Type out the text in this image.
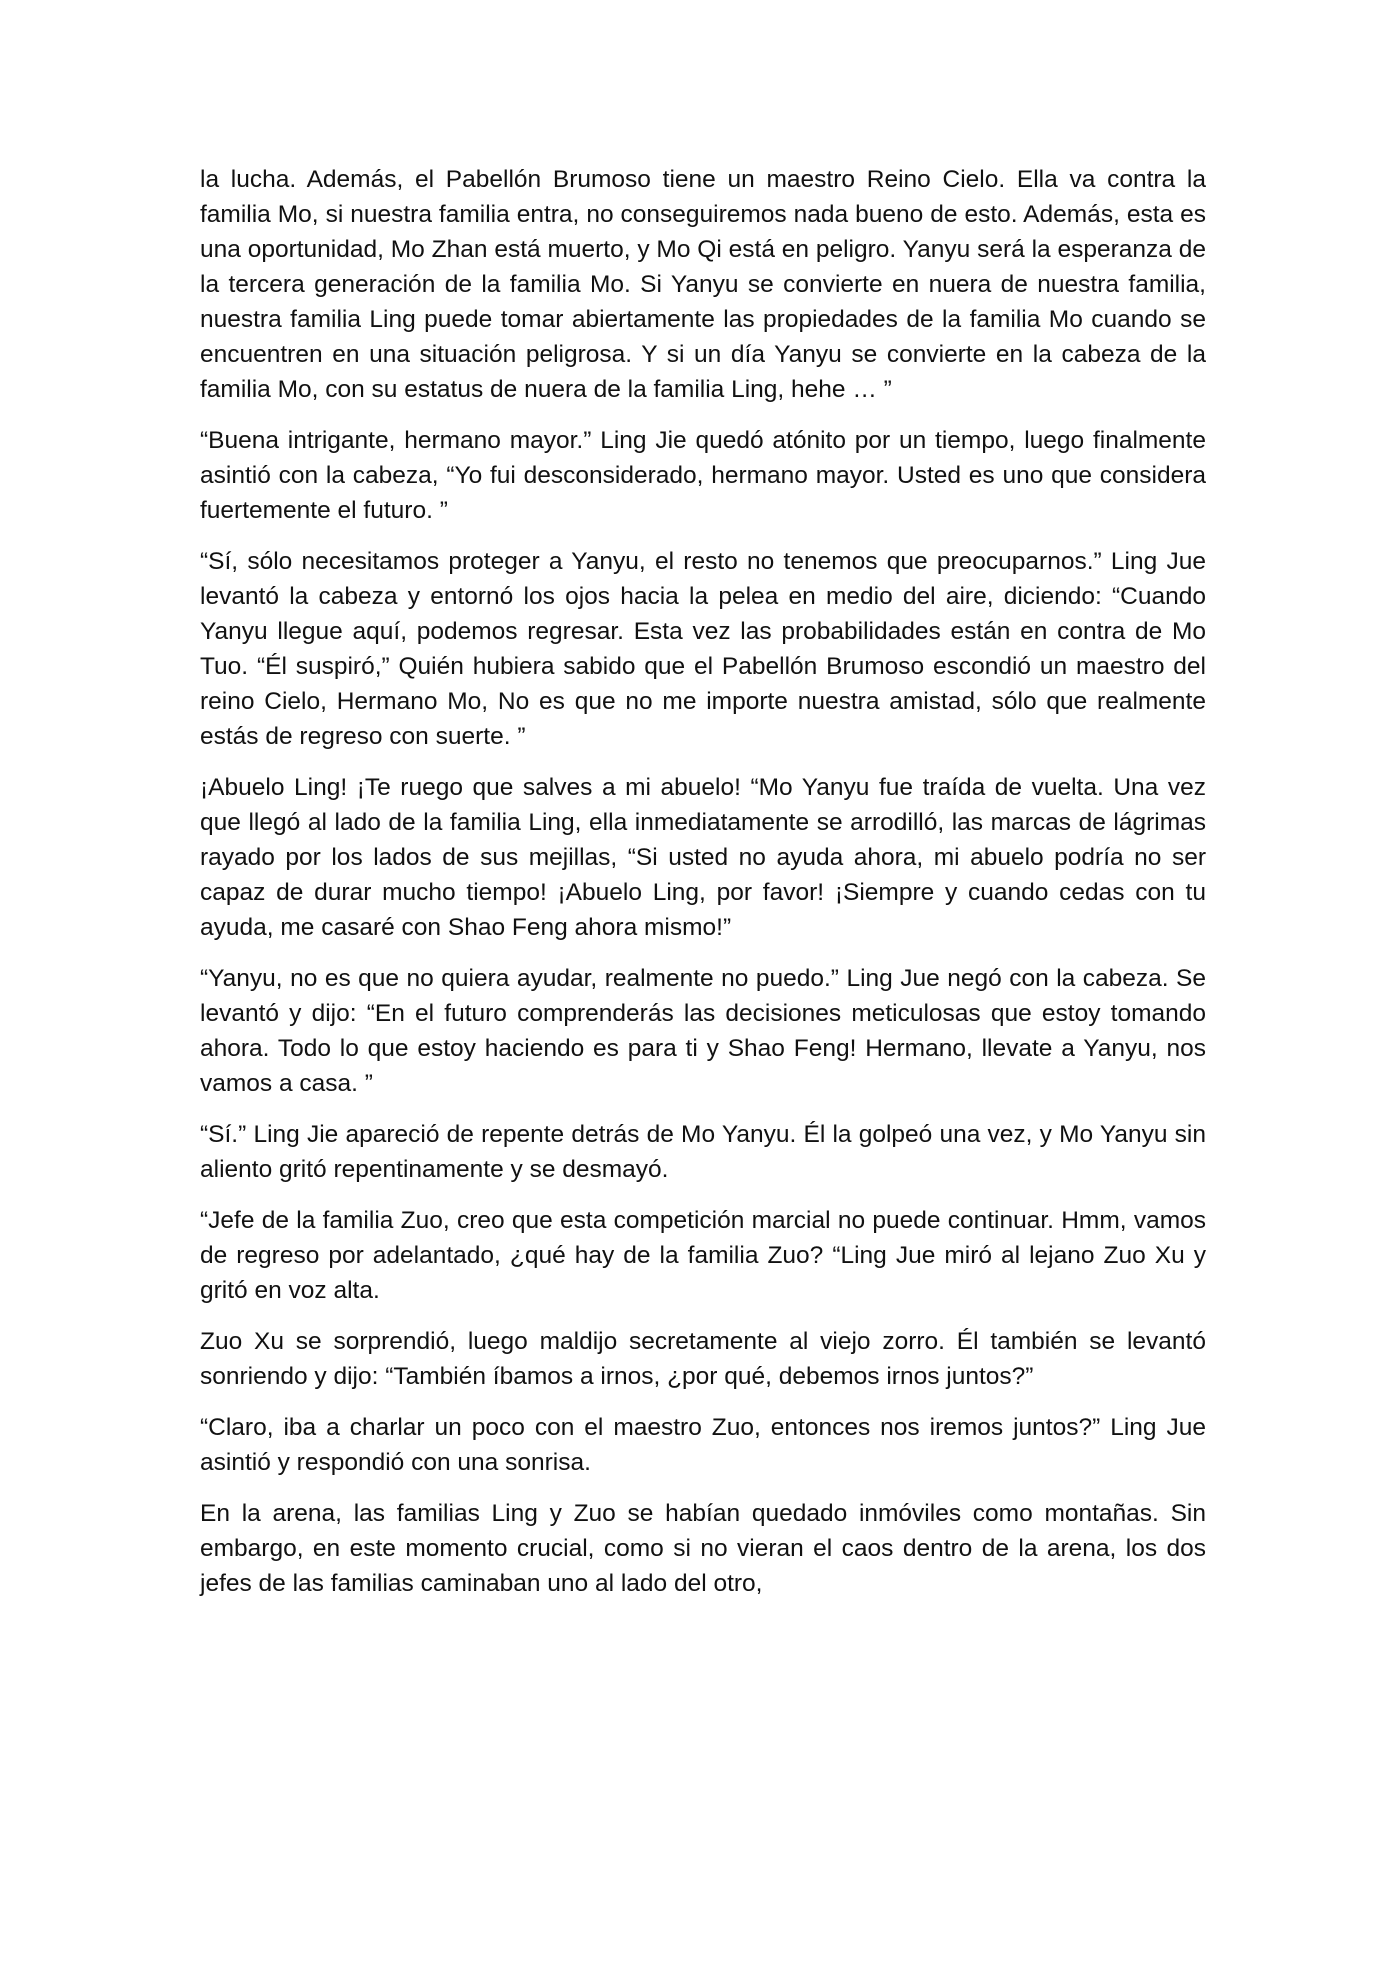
la lucha. Además, el Pabellón Brumoso tiene un maestro Reino Cielo. Ella va contra la familia Mo, si nuestra familia entra, no conseguiremos nada bueno de esto. Además, esta es una oportunidad, Mo Zhan está muerto, y Mo Qi está en peligro. Yanyu será la esperanza de la tercera generación de la familia Mo. Si Yanyu se convierte en nuera de nuestra familia, nuestra familia Ling puede tomar abiertamente las propiedades de la familia Mo cuando se encuentren en una situación peligrosa. Y si un día Yanyu se convierte en la cabeza de la familia Mo, con su estatus de nuera de la familia Ling, hehe … ”

“Buena intrigante, hermano mayor.” Ling Jie quedó atónito por un tiempo, luego finalmente asintió con la cabeza, “Yo fui desconsiderado, hermano mayor. Usted es uno que considera fuertemente el futuro. ”

“Sí, sólo necesitamos proteger a Yanyu, el resto no tenemos que preocuparnos.” Ling Jue levantó la cabeza y entornó los ojos hacia la pelea en medio del aire, diciendo: “Cuando Yanyu llegue aquí, podemos regresar. Esta vez las probabilidades están en contra de Mo Tuo. “Él suspiró,” Quién hubiera sabido que el Pabellón Brumoso escondió un maestro del reino Cielo, Hermano Mo, No es que no me importe nuestra amistad, sólo que realmente estás de regreso con suerte. ”

¡Abuelo Ling! ¡Te ruego que salves a mi abuelo! “Mo Yanyu fue traída de vuelta. Una vez que llegó al lado de la familia Ling, ella inmediatamente se arrodilló, las marcas de lágrimas rayado por los lados de sus mejillas, “Si usted no ayuda ahora, mi abuelo podría no ser capaz de durar mucho tiempo! ¡Abuelo Ling, por favor! ¡Siempre y cuando cedas con tu ayuda, me casaré con Shao Feng ahora mismo!”

“Yanyu, no es que no quiera ayudar, realmente no puedo.” Ling Jue negó con la cabeza. Se levantó y dijo: “En el futuro comprenderás las decisiones meticulosas que estoy tomando ahora. Todo lo que estoy haciendo es para ti y Shao Feng! Hermano, llevate a Yanyu, nos vamos a casa. ”

“Sí.” Ling Jie apareció de repente detrás de Mo Yanyu. Él la golpeó una vez, y Mo Yanyu sin aliento gritó repentinamente y se desmayó.

“Jefe de la familia Zuo, creo que esta competición marcial no puede continuar. Hmm, vamos de regreso por adelantado, ¿qué hay de la familia Zuo? “Ling Jue miró al lejano Zuo Xu y gritó en voz alta.

Zuo Xu se sorprendió, luego maldijo secretamente al viejo zorro. Él también se levantó sonriendo y dijo: “También íbamos a irnos, ¿por qué, debemos irnos juntos?”

“Claro, iba a charlar un poco con el maestro Zuo, entonces nos iremos juntos?” Ling Jue asintió y respondió con una sonrisa.

En la arena, las familias Ling y Zuo se habían quedado inmóviles como montañas. Sin embargo, en este momento crucial, como si no vieran el caos dentro de la arena, los dos jefes de las familias caminaban uno al lado del otro,
